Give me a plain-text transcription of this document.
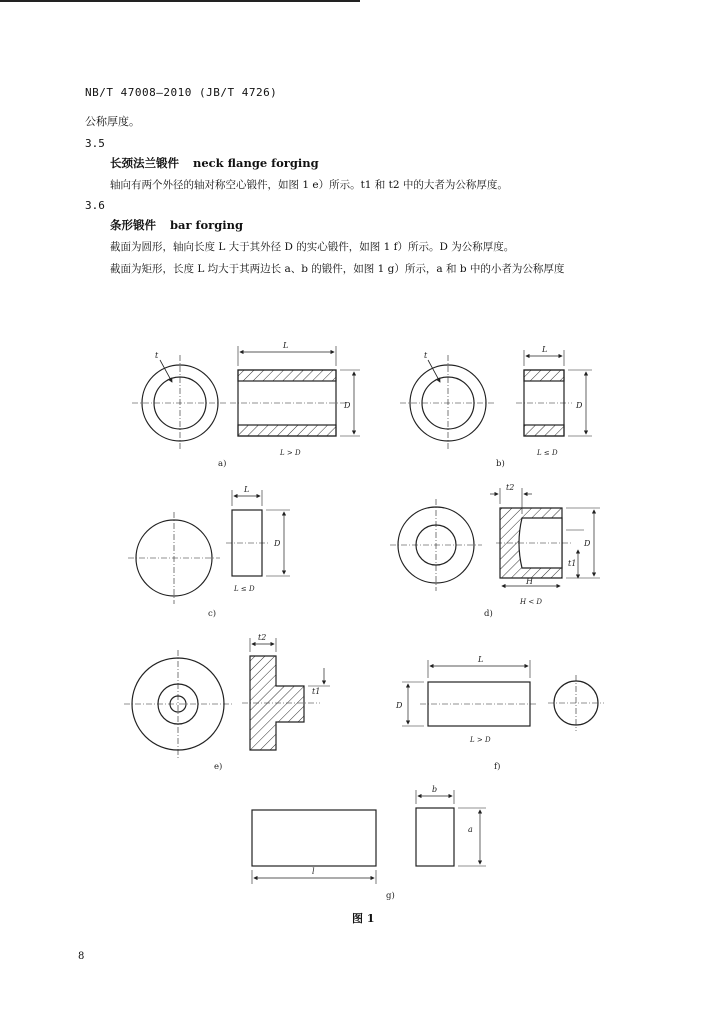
NB/T 47008—2010 (JB/T 4726)
公称厚度。
3.5
长颈法兰锻件 neck flange forging
轴向有两个外径的轴对称空心锻件，如图 1 e）所示。t1 和 t2 中的大者为公称厚度。
3.6
条形锻件 bar forging
截面为圆形，轴向长度 L 大于其外径 D 的实心锻件，如图 1 f）所示。D 为公称厚度。
截面为矩形，长度 L 均大于其两边长 a、b 的锻件，如图 1 g）所示，a 和 b 中的小者为公称厚度
t
L
D
L > D
t
L
D
L ≤ D
L
D
L ≤ D
t2
H
D
t1
H < D
t2
t1
L
D
L > D
b
a
l
a)	b)
c)	d)
e)	f)
g)
图 1
8
